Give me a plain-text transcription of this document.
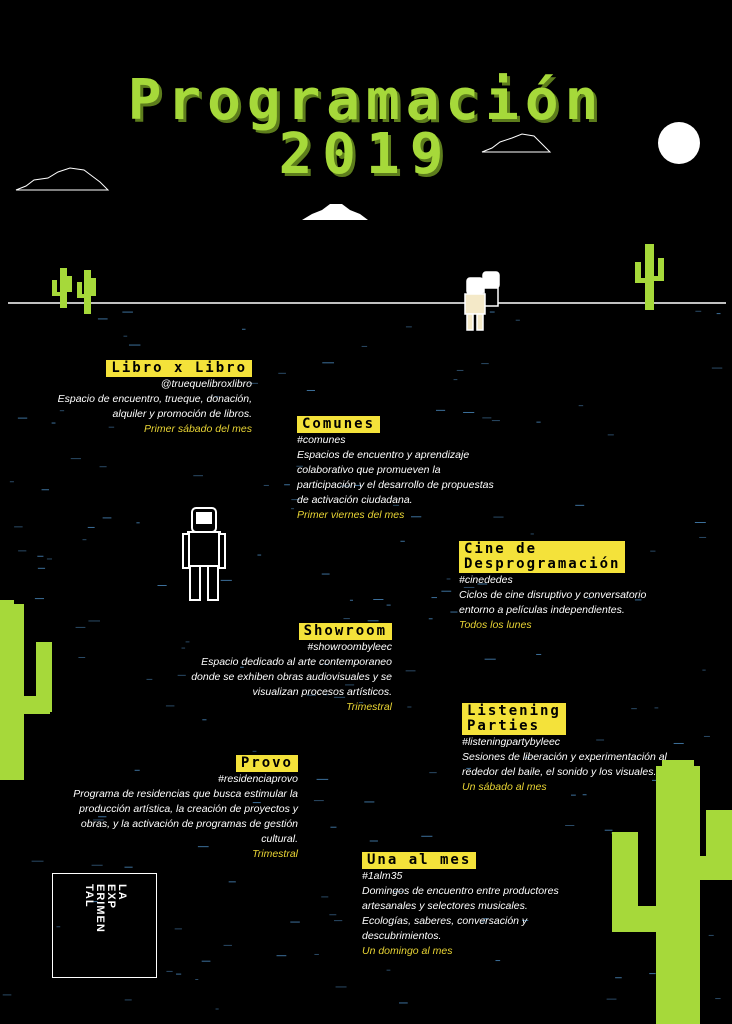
Programación
2019
Libro x Libro

@truequelibroxlibro

Espacio de encuentro, trueque, donación,

alquiler y promoción de libros.

Primer sábado del mes	Comunes

#comunes

Espacios de encuentro y aprendizaje

colaborativo que promueven la

participación y el desarrollo de propuestas

de activación ciudadana.

Primer viernes del mes

Cine de
Desprogramación

#cinededes

Ciclos de cine disruptivo y conversatorio

entorno a películas independientes.

Todos los lunes

Showroom

#showroombyleec

Espacio dedicado al arte contemporaneo

donde se exhiben obras audiovisuales y se

visualizan procesos artísticos.

Trimestral	Listening
Parties

#listeningpartybyleec

Sesiones de liberación y experimentación al

rededor del baile, el sonido y los visuales.

Un sábado al mes

Provo

#residenciaprovo

Programa de residencias que busca estimular la

producción artística, la creación de proyectos y

obras, y la activación de programas de gestión

cultural.

Trimestral	Una al mes

#1alm35

Domingos de encuentro entre productores

artesanales y selectores musicales.

Ecologías, saberes, conversación y

descubrimientos.

Un domingo al mes

LA
EXP
ERIMEN
TAL
